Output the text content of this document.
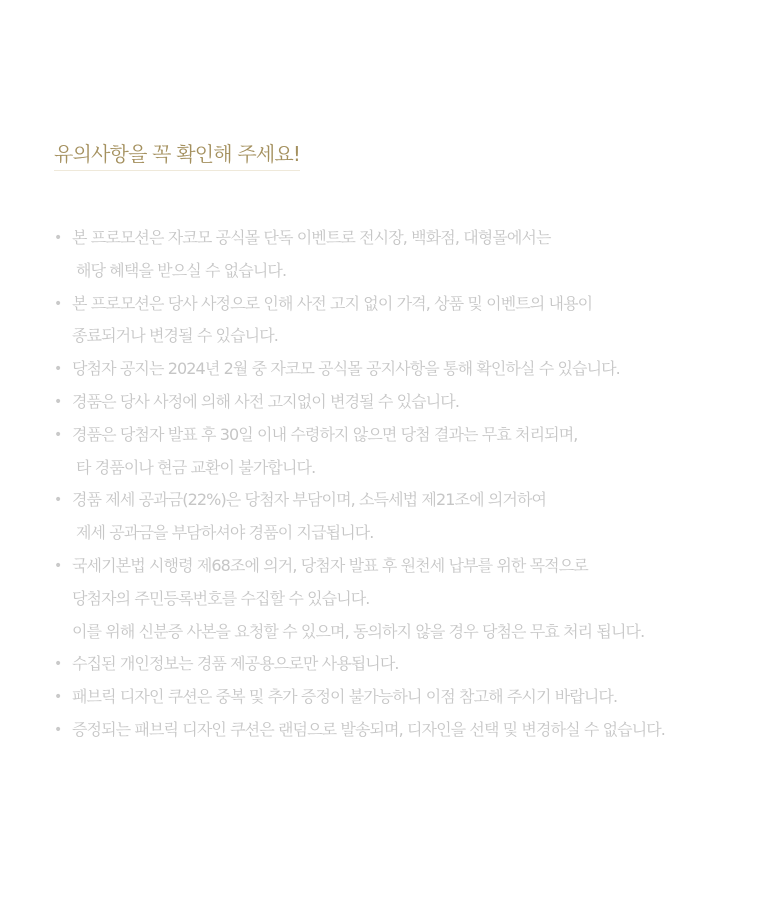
유의사항을 꼭 확인해 주세요!
• 본 프로모션은 자코모 공식몰 단독 이벤트로 전시장, 백화점, 대형몰에서는
해당 혜택을 받으실 수 없습니다.
• 본 프로모션은 당사 사정으로 인해 사전 고지 없이 가격, 상품 및 이벤트의 내용이
종료되거나 변경될 수 있습니다.
• 당첨자 공지는 2024년 2월 중 자코모 공식몰 공지사항을 통해 확인하실 수 있습니다.
• 경품은 당사 사정에 의해 사전 고지없이 변경될 수 있습니다.
• 경품은 당첨자 발표 후 30일 이내 수령하지 않으면 당첨 결과는 무효 처리되며,
타 경품이나 현금 교환이 불가합니다.
• 경품 제세 공과금(22%)은 당첨자 부담이며, 소득세법 제21조에 의거하여
제세 공과금을 부담하셔야 경품이 지급됩니다.
• 국세기본법 시행령 제68조에 의거, 당첨자 발표 후 원천세 납부를 위한 목적으로
당첨자의 주민등록번호를 수집할 수 있습니다.
이를 위해 신분증 사본을 요청할 수 있으며, 동의하지 않을 경우 당첨은 무효 처리 됩니다.
• 수집된 개인정보는 경품 제공용으로만 사용됩니다.
• 패브릭 디자인 쿠션은 중복 및 추가 증정이 불가능하니 이점 참고해 주시기 바랍니다.
• 증정되는 패브릭 디자인 쿠션은 랜덤으로 발송되며, 디자인을 선택 및 변경하실 수 없습니다.
